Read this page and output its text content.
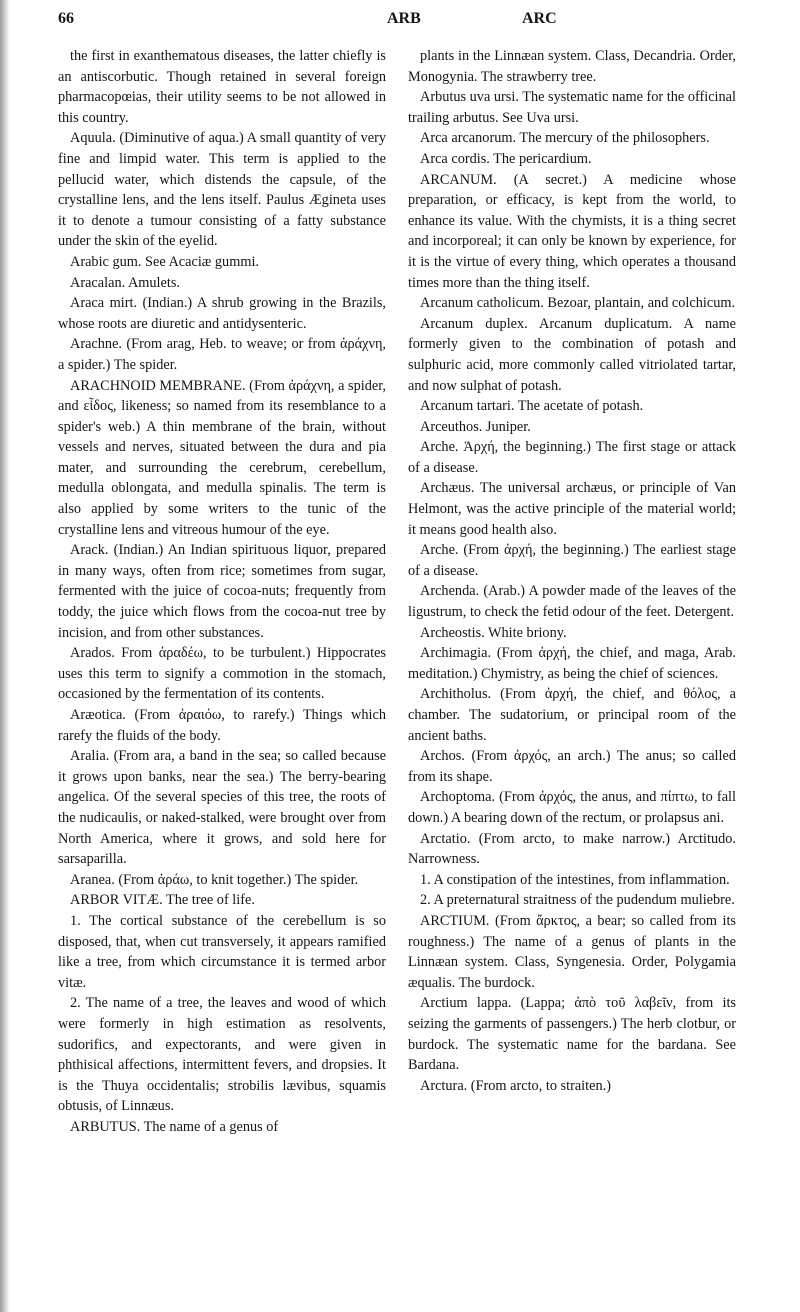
66	ARB	ARC

the first in exanthematous diseases, the latter chiefly is an antiscorbutic. Though retained in several foreign pharmacopœias, their utility seems to be not allowed in this country.

Aquula. (Diminutive of aqua.) A small quantity of very fine and limpid water. This term is applied to the pellucid water, which distends the capsule, of the crystalline lens, and the lens itself. Paulus Ægineta uses it to denote a tumour consisting of a fatty substance under the skin of the eyelid.

Arabic gum. See Acaciæ gummi.

Aracalan. Amulets.

Araca mirt. (Indian.) A shrub growing in the Brazils, whose roots are diuretic and antidysenteric.

Arachne. (From arag, Heb. to weave; or from ἀράχνη, a spider.) The spider.

ARACHNOID MEMBRANE. (From ἀράχνη, a spider, and εἶδος, likeness; so named from its resemblance to a spider's web.) A thin membrane of the brain, without vessels and nerves, situated between the dura and pia mater, and surrounding the cerebrum, cerebellum, medulla oblongata, and medulla spinalis. The term is also applied by some writers to the tunic of the crystalline lens and vitreous humour of the eye.

Arack. (Indian.) An Indian spirituous liquor, prepared in many ways, often from rice; sometimes from sugar, fermented with the juice of cocoa-nuts; frequently from toddy, the juice which flows from the cocoa-nut tree by incision, and from other substances.

Arados. From ἀραδέω, to be turbulent.) Hippocrates uses this term to signify a commotion in the stomach, occasioned by the fermentation of its contents.

Aræotica. (From ἀραιόω, to rarefy.) Things which rarefy the fluids of the body.

Aralia. (From ara, a band in the sea; so called because it grows upon banks, near the sea.) The berry-bearing angelica. Of the several species of this tree, the roots of the nudicaulis, or naked-stalked, were brought over from North America, where it grows, and sold here for sarsaparilla.

Aranea. (From ἀράω, to knit together.) The spider.

ARBOR VITÆ. The tree of life.

1. The cortical substance of the cerebellum is so disposed, that, when cut transversely, it appears ramified like a tree, from which circumstance it is termed arbor vitæ.

2. The name of a tree, the leaves and wood of which were formerly in high estimation as resolvents, sudorifics, and expectorants, and were given in phthisical affections, intermittent fevers, and dropsies. It is the Thuya occidentalis; strobilis lævibus, squamis obtusis, of Linnæus.

ARBUTUS. The name of a genus of

plants in the Linnæan system. Class, Decandria. Order, Monogynia. The strawberry tree.

Arbutus uva ursi. The systematic name for the officinal trailing arbutus. See Uva ursi.

Arca arcanorum. The mercury of the philosophers.

Arca cordis. The pericardium.

ARCANUM. (A secret.) A medicine whose preparation, or efficacy, is kept from the world, to enhance its value. With the chymists, it is a thing secret and incorporeal; it can only be known by experience, for it is the virtue of every thing, which operates a thousand times more than the thing itself.

Arcanum catholicum. Bezoar, plantain, and colchicum.

Arcanum duplex. Arcanum duplicatum. A name formerly given to the combination of potash and sulphuric acid, more commonly called vitriolated tartar, and now sulphat of potash.

Arcanum tartari. The acetate of potash.

Arceuthos. Juniper.

Arche. Ἀρχή, the beginning.) The first stage or attack of a disease.

Archæus. The universal archæus, or principle of Van Helmont, was the active principle of the material world; it means good health also.

Arche. (From ἀρχή, the beginning.) The earliest stage of a disease.

Archenda. (Arab.) A powder made of the leaves of the ligustrum, to check the fetid odour of the feet. Detergent.

Archeostis. White briony.

Archimagia. (From ἀρχή, the chief, and maga, Arab. meditation.) Chymistry, as being the chief of sciences.

Architholus. (From ἀρχή, the chief, and θόλος, a chamber. The sudatorium, or principal room of the ancient baths.

Archos. (From ἀρχός, an arch.) The anus; so called from its shape.

Archoptoma. (From ἀρχός, the anus, and πίπτω, to fall down.) A bearing down of the rectum, or prolapsus ani.

Arctatio. (From arcto, to make narrow.) Arctitudo. Narrowness.

1. A constipation of the intestines, from inflammation.

2. A preternatural straitness of the pudendum muliebre.

ARCTIUM. (From ἄρκτος, a bear; so called from its roughness.) The name of a genus of plants in the Linnæan system. Class, Syngenesia. Order, Polygamia æqualis. The burdock.

Arctium lappa. (Lappa; ἀπὸ τοῦ λαβεῖν, from its seizing the garments of passengers.) The herb clotbur, or burdock. The systematic name for the bardana. See Bardana.

Arctura. (From arcto, to straiten.)
